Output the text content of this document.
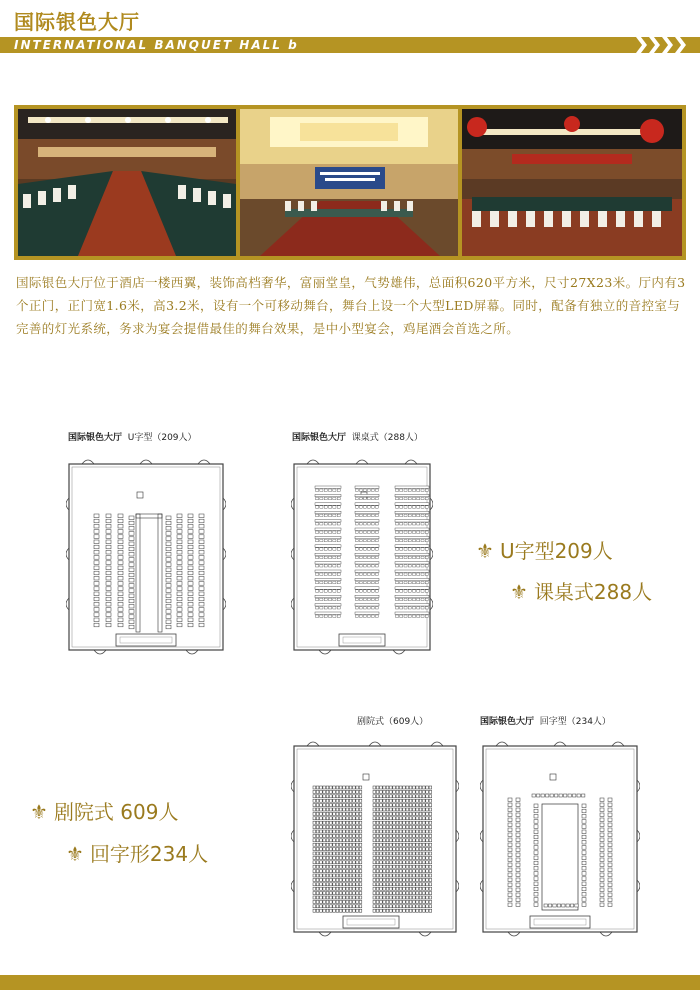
国际银色大厅
INTERNATIONAL BANQUET HALL b
国际银色大厅位于酒店一楼西翼，装饰高档奢华，富丽堂皇，气势雄伟，总面积620平方米，尺寸27X23米。厅内有3个正门，正门宽1.6米，高3.2米，设有一个可移动舞台，舞台上设一个大型LED屏幕。同时，配备有独立的音控室与完善的灯光系统，务求为宴会提借最佳的舞台效果，是中小型宴会，鸡尾酒会首选之所。
国际银色大厅 U字型（209人）	国际银色大厅 课桌式（288人）
剧院式（609人）	国际银色大厅 回字型（234人）
⚜ U字型209人
⚜ 课桌式288人
⚜ 剧院式 609人
⚜ 回字形234人
